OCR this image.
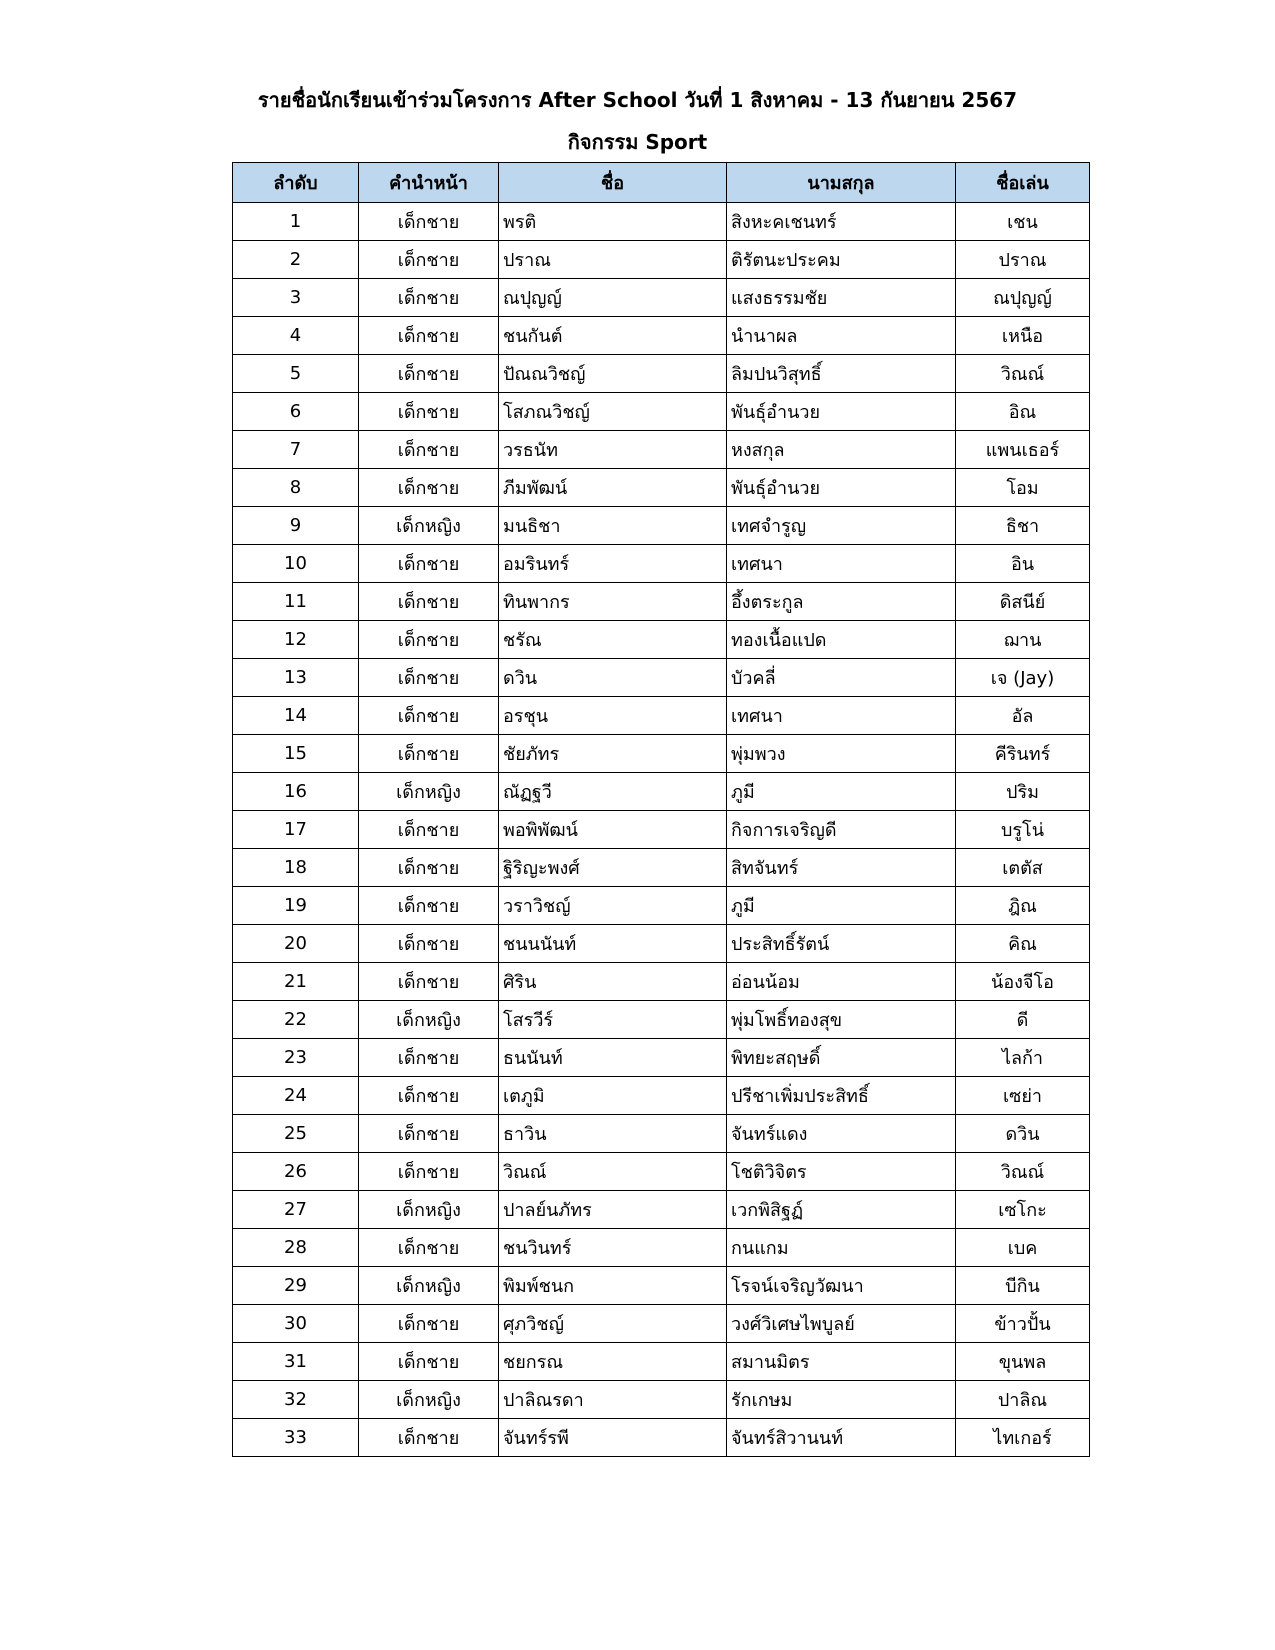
รายชื่อนักเรียนเข้าร่วมโครงการ After School วันที่ 1 สิงหาคม - 13 กันยายน 2567
กิจกรรม Sport
ลำดับ	คำนำหน้า	ชื่อ	นามสกุล	ชื่อเล่น
1	เด็กชาย	พรติ	สิงหะคเชนทร์	เชน
2	เด็กชาย	ปราณ	ติรัตนะประคม	ปราณ
3	เด็กชาย	ณปุญญ์	แสงธรรมชัย	ณปุญญ์
4	เด็กชาย	ชนกันต์	นำนาผล	เหนือ
5	เด็กชาย	ปัณณวิชญ์	ลิมปนวิสุทธิ์	วิณณ์
6	เด็กชาย	โสภณวิชญ์	พันธุ์อำนวย	อิณ
7	เด็กชาย	วรธนัท	หงสกุล	แพนเธอร์
8	เด็กชาย	ภีมพัฒน์	พันธุ์อำนวย	โอม
9	เด็กหญิง	มนธิชา	เทศจำรูญ	ธิชา
10	เด็กชาย	อมรินทร์	เทศนา	อิน
11	เด็กชาย	ทินพากร	อึ้งตระกูล	ดิสนีย์
12	เด็กชาย	ชรัณ	ทองเนื้อแปด	ฌาน
13	เด็กชาย	ดวิน	บัวคลี่	เจ (Jay)
14	เด็กชาย	อรชุน	เทศนา	อัล
15	เด็กชาย	ชัยภัทร	พุ่มพวง	คีรินทร์
16	เด็กหญิง	ณัฏฐวี	ภูมี	ปริม
17	เด็กชาย	พอพิพัฒน์	กิจการเจริญดี	บรูโน่
18	เด็กชาย	ฐิริญะพงศ์	สิทจันทร์	เตตัส
19	เด็กชาย	วราวิชญ์	ภูมี	ฎิณ
20	เด็กชาย	ชนนนันท์	ประสิทธิ์รัตน์	คิณ
21	เด็กชาย	ศิริน	อ่อนน้อม	น้องจีโอ
22	เด็กหญิง	โสรวีร์	พุ่มโพธิ์ทองสุข	ดี
23	เด็กชาย	ธนนันท์	พิทยะสฤษดิ์	ไลก้า
24	เด็กชาย	เตภูมิ	ปรีชาเพิ่มประสิทธิ์	เซย่า
25	เด็กชาย	ธาวิน	จันทร์แดง	ดวิน
26	เด็กชาย	วิณณ์	โชติวิจิตร	วิณณ์
27	เด็กหญิง	ปาลย์นภัทร	เวกพิสิฐฏ์	เซโกะ
28	เด็กชาย	ชนวินทร์	กนแกม	เบค
29	เด็กหญิง	พิมพ์ชนก	โรจน์เจริญวัฒนา	บีกิน
30	เด็กชาย	ศุภวิชญ์	วงศ์วิเศษไพบูลย์	ข้าวปั้น
31	เด็กชาย	ชยกรณ	สมานมิตร	ขุนพล
32	เด็กหญิง	ปาลิณรดา	รักเกษม	ปาลิณ
33	เด็กชาย	จันทร์รพี	จันทร์สิวานนท์	ไทเกอร์
